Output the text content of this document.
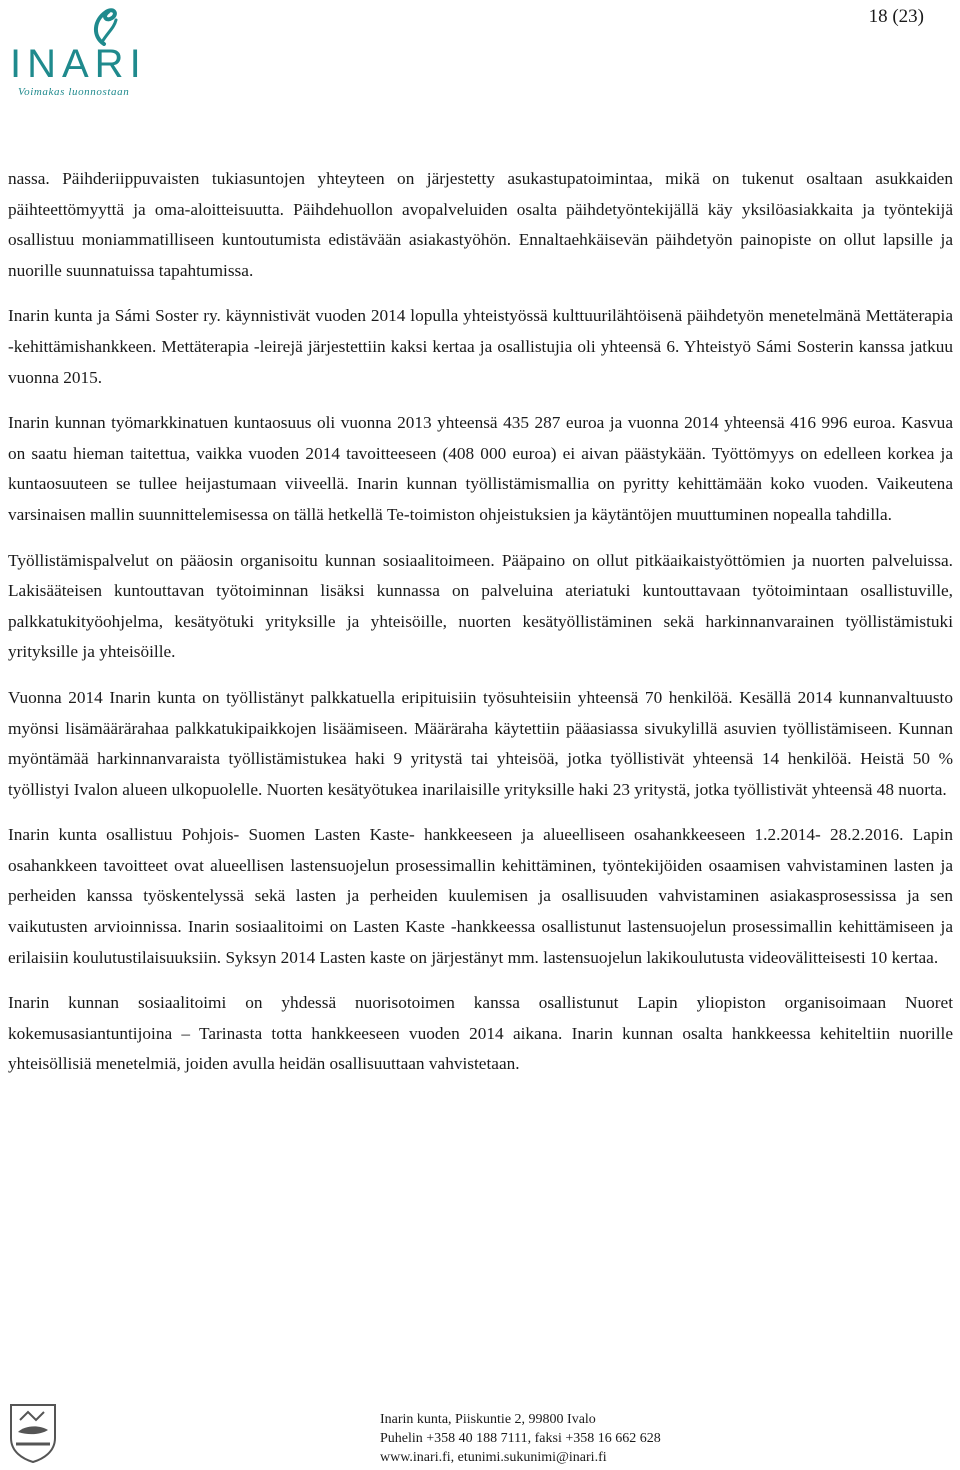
INARI
Voimakas luonnostaan
18 (23)

nassa. Päihderiippuvaisten tukiasuntojen yhteyteen on järjestetty asukastupatoimintaa, mikä on tukenut osaltaan asukkaiden päihteettömyyttä ja oma-aloitteisuutta. Päihdehuollon avopalveluiden osalta päihdetyöntekijällä käy yksilöasiakkaita ja työntekijä osallistuu moniammatilliseen kuntoutumista edistävään asiakastyöhön. Ennaltaehkäisevän päihdetyön painopiste on ollut lapsille ja nuorille suunnatuissa tapahtumissa.

Inarin kunta ja Sámi Soster ry. käynnistivät vuoden 2014 lopulla yhteistyössä kulttuurilähtöisenä päihdetyön menetelmänä Mettäterapia -kehittämishankkeen. Mettäterapia -leirejä järjestettiin kaksi kertaa ja osallistujia oli yhteensä 6. Yhteistyö Sámi Sosterin kanssa jatkuu vuonna 2015.

Inarin kunnan työmarkkinatuen kuntaosuus oli vuonna 2013 yhteensä 435 287 euroa ja vuonna 2014 yhteensä 416 996 euroa. Kasvua on saatu hieman taitettua, vaikka vuoden 2014 tavoitteeseen (408 000 euroa) ei aivan päästykään. Työttömyys on edelleen korkea ja kuntaosuuteen se tullee heijastumaan viiveellä. Inarin kunnan työllistämismallia on pyritty kehittämään koko vuoden. Vaikeutena varsinaisen mallin suunnittelemisessa on tällä hetkellä Te-toimiston ohjeistuksien ja käytäntöjen muuttuminen nopealla tahdilla.

Työllistämispalvelut on pääosin organisoitu kunnan sosiaalitoimeen. Pääpaino on ollut pitkäaikaistyöttömien ja nuorten palveluissa. Lakisääteisen kuntouttavan työtoiminnan lisäksi kunnassa on palveluina ateriatuki kuntouttavaan työtoimintaan osallistuville, palkkatukityöohjelma, kesätyötuki yrityksille ja yhteisöille, nuorten kesätyöllistäminen sekä harkinnanvarainen työllistämistuki yrityksille ja yhteisöille.

Vuonna 2014 Inarin kunta on työllistänyt palkkatuella eripituisiin työsuhteisiin yhteensä 70 henkilöä. Kesällä 2014 kunnanvaltuusto myönsi lisämäärärahaa palkkatukipaikkojen lisäämiseen. Määräraha käytettiin pääasiassa sivukylillä asuvien työllistämiseen. Kunnan myöntämää harkinnanvaraista työllistämistukea haki 9 yritystä tai yhteisöä, jotka työllistivät yhteensä 14 henkilöä. Heistä 50 % työllistyi Ivalon alueen ulkopuolelle. Nuorten kesätyötukea inarilaisille yrityksille haki 23 yritystä, jotka työllistivät yhteensä 48 nuorta.

Inarin kunta osallistuu Pohjois- Suomen Lasten Kaste- hankkeeseen ja alueelliseen osahankkeeseen 1.2.2014- 28.2.2016. Lapin osahankkeen tavoitteet ovat alueellisen lastensuojelun prosessimallin kehittäminen, työntekijöiden osaamisen vahvistaminen lasten ja perheiden kanssa työskentelyssä sekä lasten ja perheiden kuulemisen ja osallisuuden vahvistaminen asiakasprosessissa ja sen vaikutusten arvioinnissa. Inarin sosiaalitoimi on Lasten Kaste -hankkeessa osallistunut lastensuojelun prosessimallin kehittämiseen ja erilaisiin koulutustilaisuuksiin. Syksyn 2014 Lasten kaste on järjestänyt mm. lastensuojelun lakikoulutusta videovälitteisesti 10 kertaa.

Inarin kunnan sosiaalitoimi on yhdessä nuorisotoimen kanssa osallistunut Lapin yliopiston organisoimaan Nuoret kokemusasiantuntijoina – Tarinasta totta hankkeeseen vuoden 2014 aikana. Inarin kunnan osalta hankkeessa kehiteltiin nuorille yhteisöllisiä menetelmiä, joiden avulla heidän osallisuuttaan vahvistetaan.

Inarin kunta, Piiskuntie 2, 99800 Ivalo
Puhelin +358 40 188 7111, faksi +358 16 662 628
www.inari.fi, etunimi.sukunimi@inari.fi
